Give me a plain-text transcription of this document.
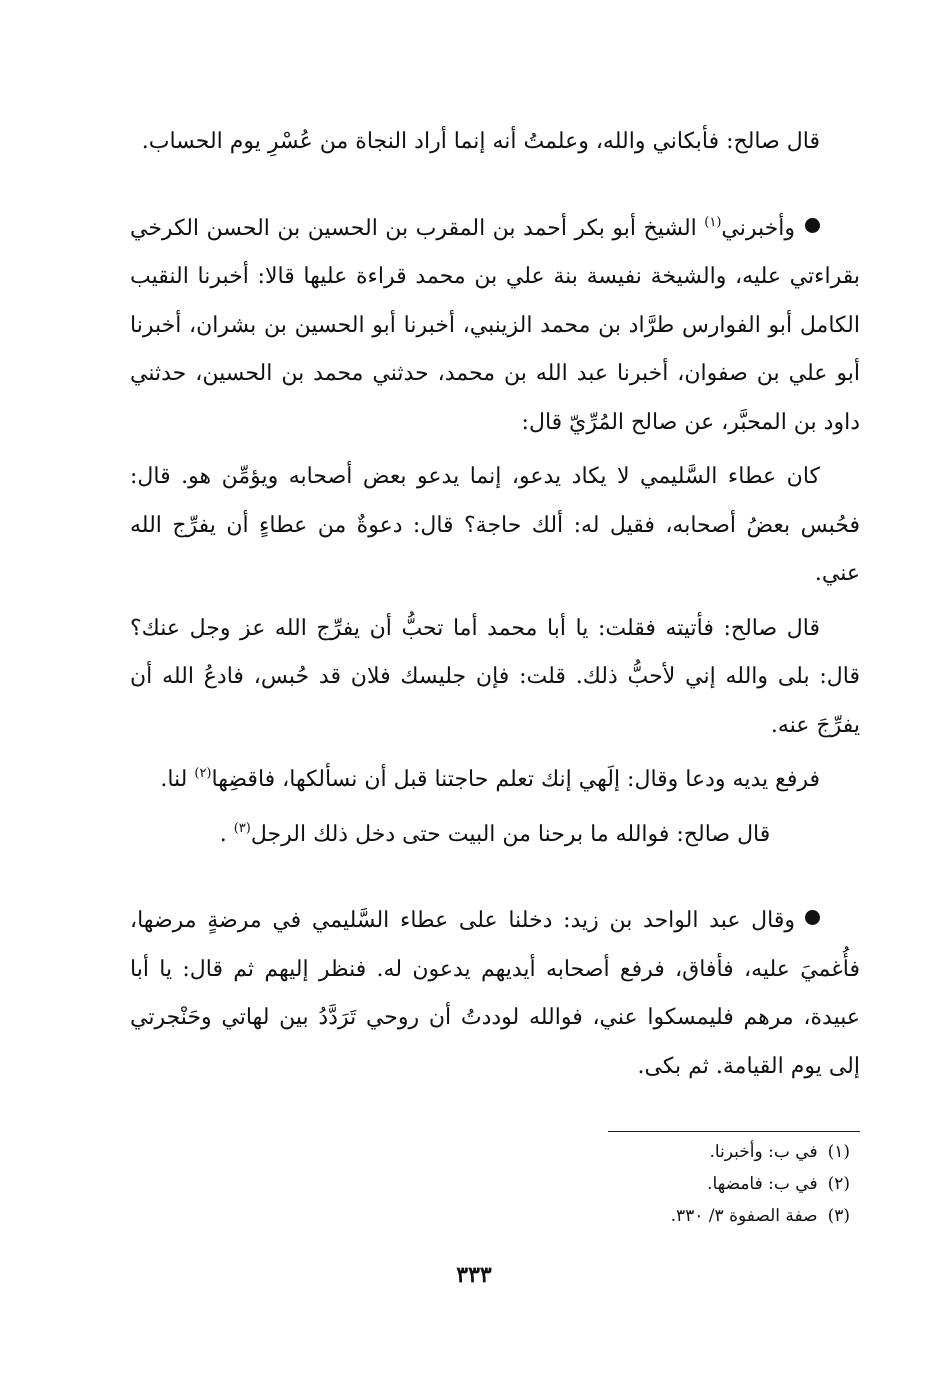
قال صالح: فأبكاني والله، وعلمتُ أنه إنما أراد النجاة من عُسْرِ يوم الحساب.

وأخبرني$^{(١)}$ الشيخ أبو بكر أحمد بن المقرب بن الحسين بن الحسن الكرخي بقراءتي عليه، والشيخة نفيسة بنة علي بن محمد قراءة عليها قالا: أخبرنا النقيب الكامل أبو الفوارس طرَّاد بن محمد الزينبي، أخبرنا أبو الحسين بن بشران، أخبرنا أبو علي بن صفوان، أخبرنا عبد الله بن محمد، حدثني محمد بن الحسين، حدثني داود بن المحبَّر، عن صالح المُرِّيّ قال:

كان عطاء السَّليمي لا يكاد يدعو، إنما يدعو بعض أصحابه ويؤمِّن هو. قال: فحُبس بعضُ أصحابه، فقيل له: ألك حاجة؟ قال: دعوةٌ من عطاءٍ أن يفرِّج الله عني.

قال صالح: فأتيته فقلت: يا أبا محمد أما تحبُّ أن يفرِّج الله عز وجل عنك؟ قال: بلى والله إني لأحبُّ ذلك. قلت: فإن جليسك فلان قد حُبس، فادعُ الله أن يفرِّجَ عنه.

فرفع يديه ودعا وقال: إلَهي إنك تعلم حاجتنا قبل أن نسألكها، فاقضِها$^{(٢)}$ لنا.

قال صالح: فوالله ما برحنا من البيت حتى دخل ذلك الرجل$^{(٣)}$ .

وقال عبد الواحد بن زيد: دخلنا على عطاء السَّليمي في مرضةٍ مرضها، فأُغميَ عليه، فأفاق، فرفع أصحابه أيديهم يدعون له. فنظر إليهم ثم قال: يا أبا عبيدة، مرهم فليمسكوا عني، فوالله لوددتُ أن روحي تَرَدَّدُ بين لهاتي وحَنْجرتي إلى يوم القيامة. ثم بكى.

(١)في ب: وأخبرنا.
(٢)في ب: فامضها.
(٣)صفة الصفوة ٣/ ٣٣٠.
٣٣٣
